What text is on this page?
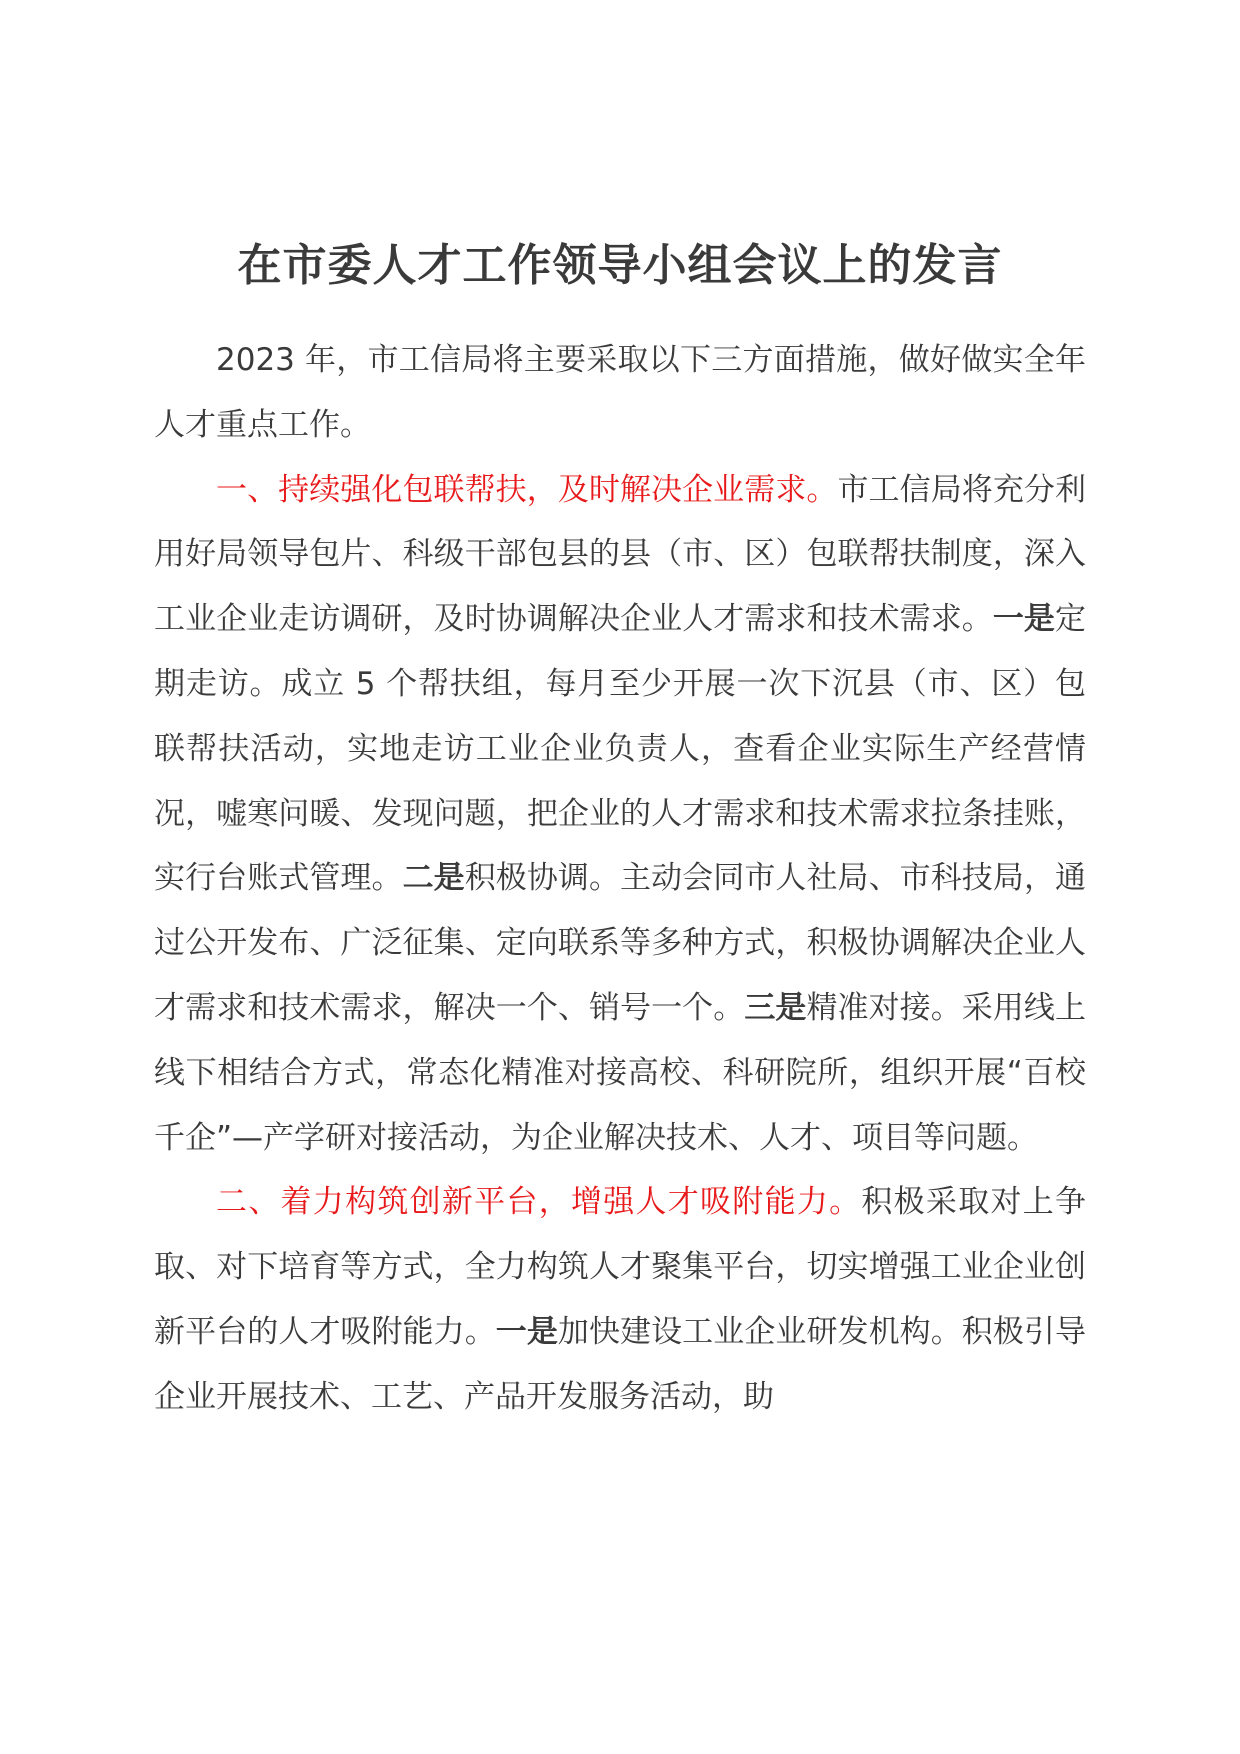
在市委人才工作领导小组会议上的发言

2023 年，市工信局将主要采取以下三方面措施，做好做实全年人才重点工作。

一、持续强化包联帮扶，及时解决企业需求。市工信局将充分利用好局领导包片、科级干部包县的县（市、区）包联帮扶制度，深入工业企业走访调研，及时协调解决企业人才需求和技术需求。一是定期走访。成立 5 个帮扶组，每月至少开展一次下沉县（市、区）包联帮扶活动，实地走访工业企业负责人，查看企业实际生产经营情况，嘘寒问暖、发现问题，把企业的人才需求和技术需求拉条挂账，实行台账式管理。二是积极协调。主动会同市人社局、市科技局，通过公开发布、广泛征集、定向联系等多种方式，积极协调解决企业人才需求和技术需求，解决一个、销号一个。三是精准对接。采用线上线下相结合方式，常态化精准对接高校、科研院所，组织开展“百校千企”—产学研对接活动，为企业解决技术、人才、项目等问题。

二、着力构筑创新平台，增强人才吸附能力。积极采取对上争取、对下培育等方式，全力构筑人才聚集平台，切实增强工业企业创新平台的人才吸附能力。一是加快建设工业企业研发机构。积极引导企业开展技术、工艺、产品开发服务活动，助
